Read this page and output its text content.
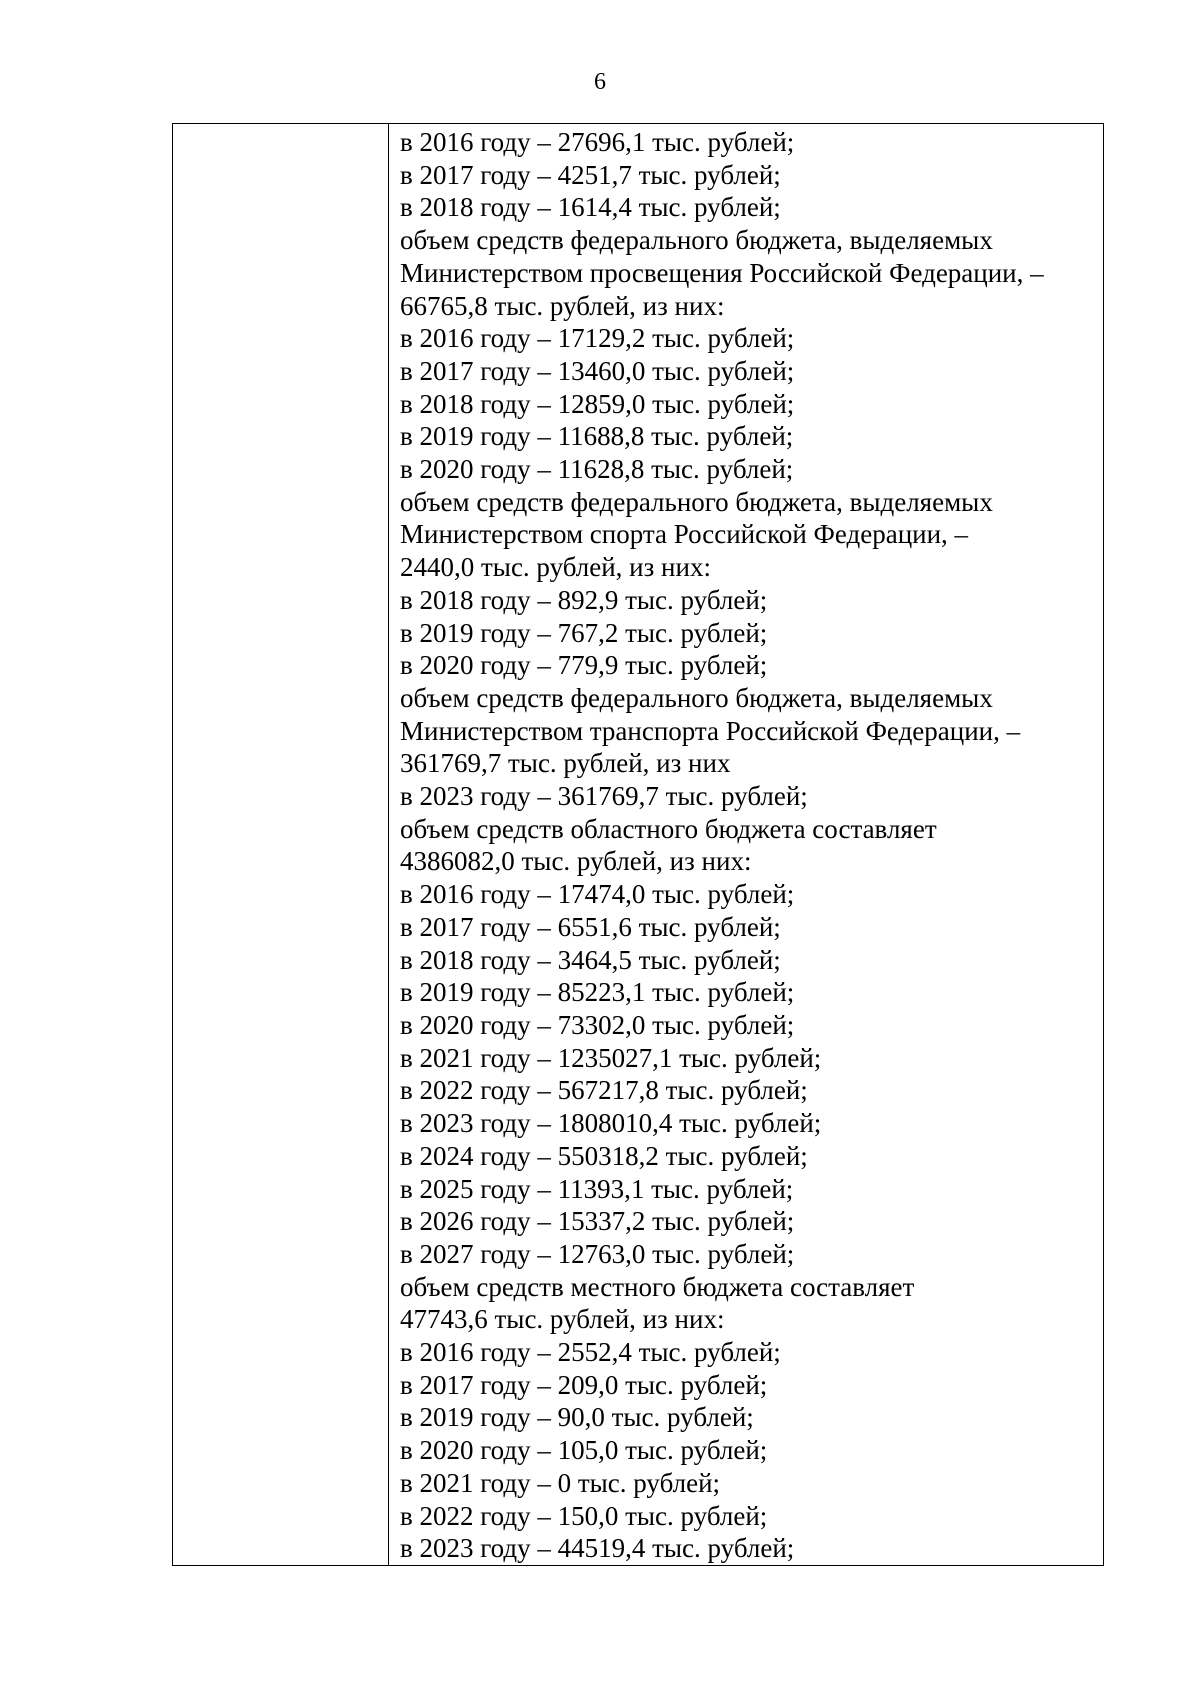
6
в 2016 году – 27696,1 тыс. рублей;
в 2017 году – 4251,7 тыс. рублей;
в 2018 году – 1614,4 тыс. рублей;
объем средств федерального бюджета, выделяемых
Министерством просвещения Российской Федерации, –
66765,8 тыс. рублей, из них:
в 2016 году – 17129,2 тыс. рублей;
в 2017 году – 13460,0 тыс. рублей;
в 2018 году – 12859,0 тыс. рублей;
в 2019 году – 11688,8 тыс. рублей;
в 2020 году – 11628,8 тыс. рублей;
объем средств федерального бюджета, выделяемых
Министерством спорта Российской Федерации, –
2440,0 тыс. рублей, из них:
в 2018 году – 892,9 тыс. рублей;
в 2019 году – 767,2 тыс. рублей;
в 2020 году – 779,9 тыс. рублей;
объем средств федерального бюджета, выделяемых
Министерством транспорта Российской Федерации, –
361769,7 тыс. рублей, из них
в 2023 году – 361769,7 тыс. рублей;
объем средств областного бюджета составляет
4386082,0 тыс. рублей, из них:
в 2016 году – 17474,0 тыс. рублей;
в 2017 году – 6551,6 тыс. рублей;
в 2018 году – 3464,5 тыс. рублей;
в 2019 году – 85223,1 тыс. рублей;
в 2020 году – 73302,0 тыс. рублей;
в 2021 году – 1235027,1 тыс. рублей;
в 2022 году – 567217,8 тыс. рублей;
в 2023 году – 1808010,4 тыс. рублей;
в 2024 году – 550318,2 тыс. рублей;
в 2025 году – 11393,1 тыс. рублей;
в 2026 году – 15337,2 тыс. рублей;
в 2027 году – 12763,0 тыс. рублей;
объем средств местного бюджета составляет
47743,6 тыс. рублей, из них:
в 2016 году – 2552,4 тыс. рублей;
в 2017 году – 209,0 тыс. рублей;
в 2019 году – 90,0 тыс. рублей;
в 2020 году – 105,0 тыс. рублей;
в 2021 году – 0 тыс. рублей;
в 2022 году – 150,0 тыс. рублей;
в 2023 году – 44519,4 тыс. рублей;
